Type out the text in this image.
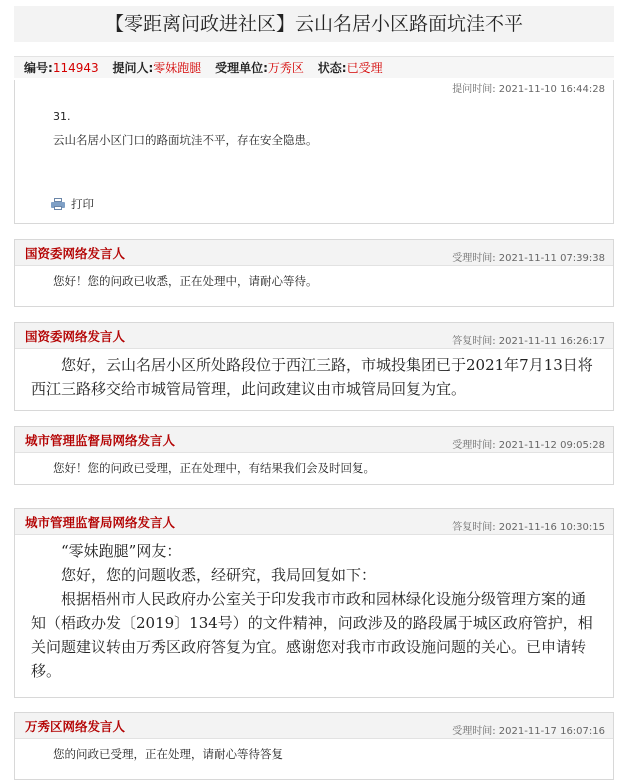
【零距离问政进社区】云山名居小区路面坑洼不平
编号:114943 提问人:零妹跑腿 受理单位:万秀区 状态:已受理
提问时间: 2021-11-10 16:44:28
31.
云山名居小区门口的路面坑洼不平，存在安全隐患。
打印
国资委网络发言人	受理时间: 2021-11-11 07:39:38
您好！您的问政已收悉，正在处理中，请耐心等待。
国资委网络发言人	答复时间: 2021-11-11 16:26:17
您好，云山名居小区所处路段位于西江三路，市城投集团已于2021年7月13日将西江三路移交给市城管局管理，此问政建议由市城管局回复为宜。
城市管理监督局网络发言人	受理时间: 2021-11-12 09:05:28
您好！您的问政已受理，正在处理中，有结果我们会及时回复。
城市管理监督局网络发言人	答复时间: 2021-11-16 10:30:15

“零妹跑腿”网友：

您好，您的问题收悉，经研究，我局回复如下：

根据梧州市人民政府办公室关于印发我市市政和园林绿化设施分级管理方案的通知（梧政办发〔2019〕134号）的文件精神，问政涉及的路段属于城区政府管护，相关问题建议转由万秀区政府答复为宜。感谢您对我市市政设施问题的关心。已申请转移。

万秀区网络发言人	受理时间: 2021-11-17 16:07:16
您的问政已受理，正在处理，请耐心等待答复
